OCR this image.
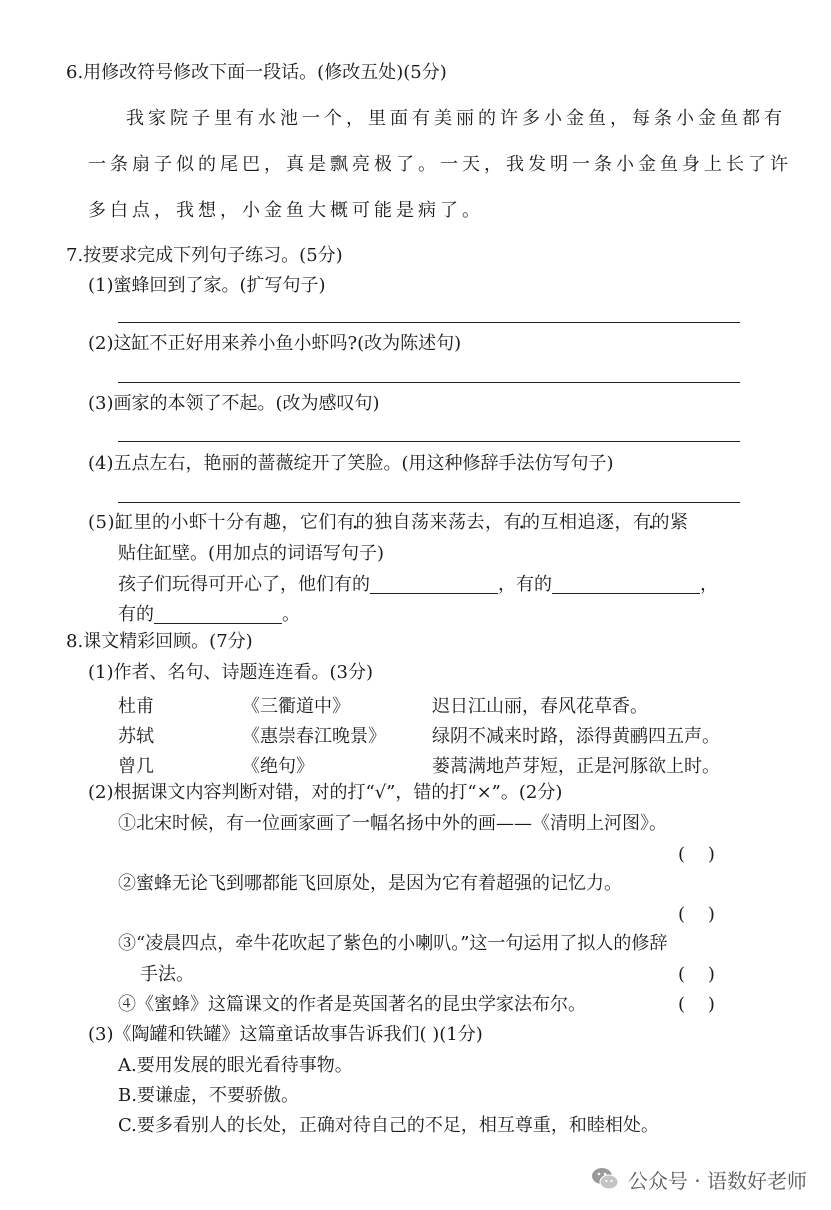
6.用修改符号修改下面一段话。(修改五处)(5分)
我家院子里有水池一个，里面有美丽的许多小金鱼，每条小金鱼都有
一条扇子似的尾巴，真是飘亮极了。一天，我发明一条小金鱼身上长了许
多白点，我想，小金鱼大概可能是病了。
7.按要求完成下列句子练习。(5分)
(1)蜜蜂回到了家。(扩写句子)
(2)这缸不正好用来养小鱼小虾吗?(改为陈述句)
(3)画家的本领了不起。(改为感叹句)
(4)五点左右，艳丽的蔷薇绽开了笑脸。(用这种修辞手法仿写句子)
(5)缸里的小虾十分有趣，它们有的独自荡来荡去，有的互相追逐，有的紧
贴住缸壁。(用加点的词语写句子)
孩子们玩得可开心了，他们有的	，有的	，
有的	。
8.课文精彩回顾。(7分)
(1)作者、名句、诗题连连看。(3分)
杜甫	《三衢道中》	迟日江山丽，春风花草香。
苏轼	《惠崇春江晚景》	绿阴不减来时路，添得黄鹂四五声。
曾几	《绝句》	蒌蒿满地芦芽短，正是河豚欲上时。
(2)根据课文内容判断对错，对的打“√”，错的打“×”。(2分)
①北宋时候，有一位画家画了一幅名扬中外的画——《清明上河图》。
(    )
②蜜蜂无论飞到哪都能飞回原处，是因为它有着超强的记忆力。
(    )
③“凌晨四点，牵牛花吹起了紫色的小喇叭。”这一句运用了拟人的修辞
手法。	(    )
④《蜜蜂》这篇课文的作者是英国著名的昆虫学家法布尔。	(    )
(3)《陶罐和铁罐》这篇童话故事告诉我们( )(1分)
A.要用发展的眼光看待事物。
B.要谦虚，不要骄傲。
C.要多看别人的长处，正确对待自己的不足，相互尊重，和睦相处。
公众号 · 语数好老师
